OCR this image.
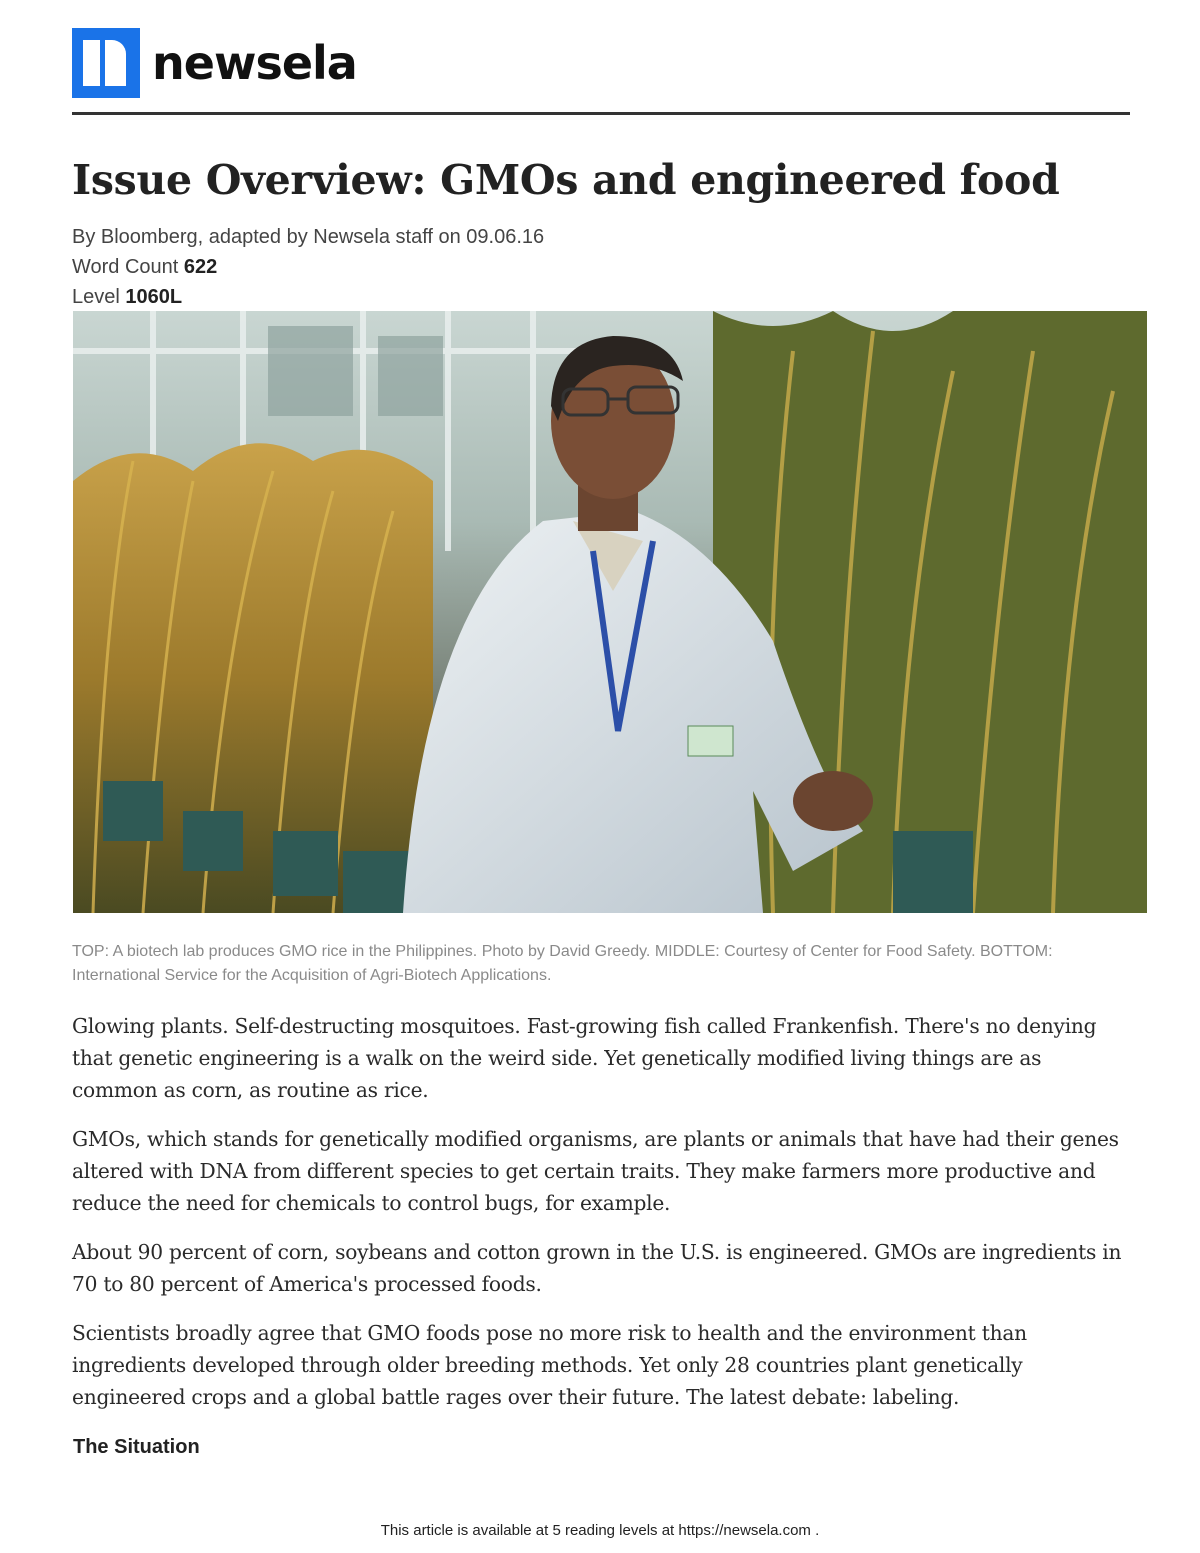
newsela
Issue Overview: GMOs and engineered food
By Bloomberg, adapted by Newsela staff on 09.06.16
Word Count 622
Level 1060L
TOP: A biotech lab produces GMO rice in the Philippines. Photo by David Greedy. MIDDLE: Courtesy of Center for Food Safety. BOTTOM: International Service for the Acquisition of Agri-Biotech Applications.

Glowing plants. Self-destructing mosquitoes. Fast-growing fish called Frankenfish. There's no denying that genetic engineering is a walk on the weird side. Yet genetically modified living things are as common as corn, as routine as rice.

GMOs, which stands for genetically modified organisms, are plants or animals that have had their genes altered with DNA from different species to get certain traits. They make farmers more productive and reduce the need for chemicals to control bugs, for example.

About 90 percent of corn, soybeans and cotton grown in the U.S. is engineered. GMOs are ingredients in 70 to 80 percent of America's processed foods.

Scientists broadly agree that GMO foods pose no more risk to health and the environment than ingredients developed through older breeding methods. Yet only 28 countries plant genetically engineered crops and a global battle rages over their future. The latest debate: labeling.

The Situation
This article is available at 5 reading levels at https://newsela.com .
